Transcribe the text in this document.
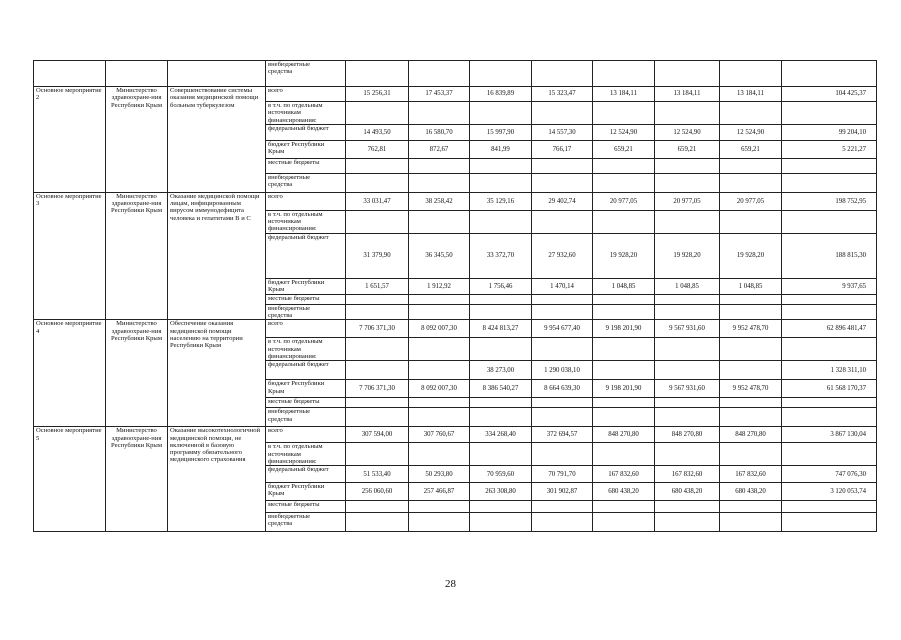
			внебюджетные
средства								
Основное мероприятие 2	Министерство здравоохране-ния Республики Крым	Совершенствование системы оказания медицинской помощи больным туберкулезом	всего	15 256,31	17 453,37	16 839,89	15 323,47	13 184,11	13 184,11	13 184,11	104 425,37
			в т.ч. по отдельным
источникам
финансирования:								
			федеральный бюджет	14 493,50	16 580,70	15 997,90	14 557,30	12 524,90	12 524,90	12 524,90	99 204,10
			бюджет Республики
Крым	762,81	872,67	841,99	766,17	659,21	659,21	659,21	5 221,27
			местные бюджеты								
			внебюджетные
средства								
Основное мероприятие 3	Министерство здравоохране-ния Республики Крым	Оказание медицинской помощи лицам, инфицированным вирусом иммунодефицита человека и гепатитами В и С	всего	33 031,47	38 258,42	35 129,16	29 402,74	20 977,05	20 977,05	20 977,05	198 752,95
			в т.ч. по отдельным
источникам
финансирования:								
			федеральный бюджет	31 379,90	36 345,50	33 372,70	27 932,60	19 928,20	19 928,20	19 928,20	188 815,30
			бюджет Республики
Крым	1 651,57	1 912,92	1 756,46	1 470,14	1 048,85	1 048,85	1 048,85	9 937,65
			местные бюджеты								
			внебюджетные
средства								
Основное мероприятие 4	Министерство здравоохране-ния Республики Крым	Обеспечение оказания медицинской помощи населению на территории Республики Крым	всего	7 706 371,30	8 092 007,30	8 424 813,27	9 954 677,40	9 198 201,90	9 567 931,60	9 952 478,70	62 896 481,47
			в т.ч. по отдельным
источникам
финансирования:								
			федеральный бюджет			38 273,00	1 290 038,10				1 328 311,10
			бюджет Республики
Крым	7 706 371,30	8 092 007,30	8 386 540,27	8 664 639,30	9 198 201,90	9 567 931,60	9 952 478,70	61 568 170,37
			местные бюджеты								
			внебюджетные
средства								
Основное мероприятие 5	Министерство здравоохране-ния Республики Крым	Оказание высокотехнологичной медицинской помощи, не включенной в базовую программу обязательного медицинского страхования	всего	307 594,00	307 760,67	334 268,40	372 694,57	848 270,80	848 270,80	848 270,80	3 867 130,04
			в т.ч. по отдельным
источникам
финансирования:								
			федеральный бюджет	51 533,40	50 293,80	70 959,60	70 791,70	167 832,60	167 832,60	167 832,60	747 076,30
			бюджет Республики
Крым	256 060,60	257 466,87	263 308,80	301 902,87	680 438,20	680 438,20	680 438,20	3 120 053,74
			местные бюджеты								
			внебюджетные
средства								
28
